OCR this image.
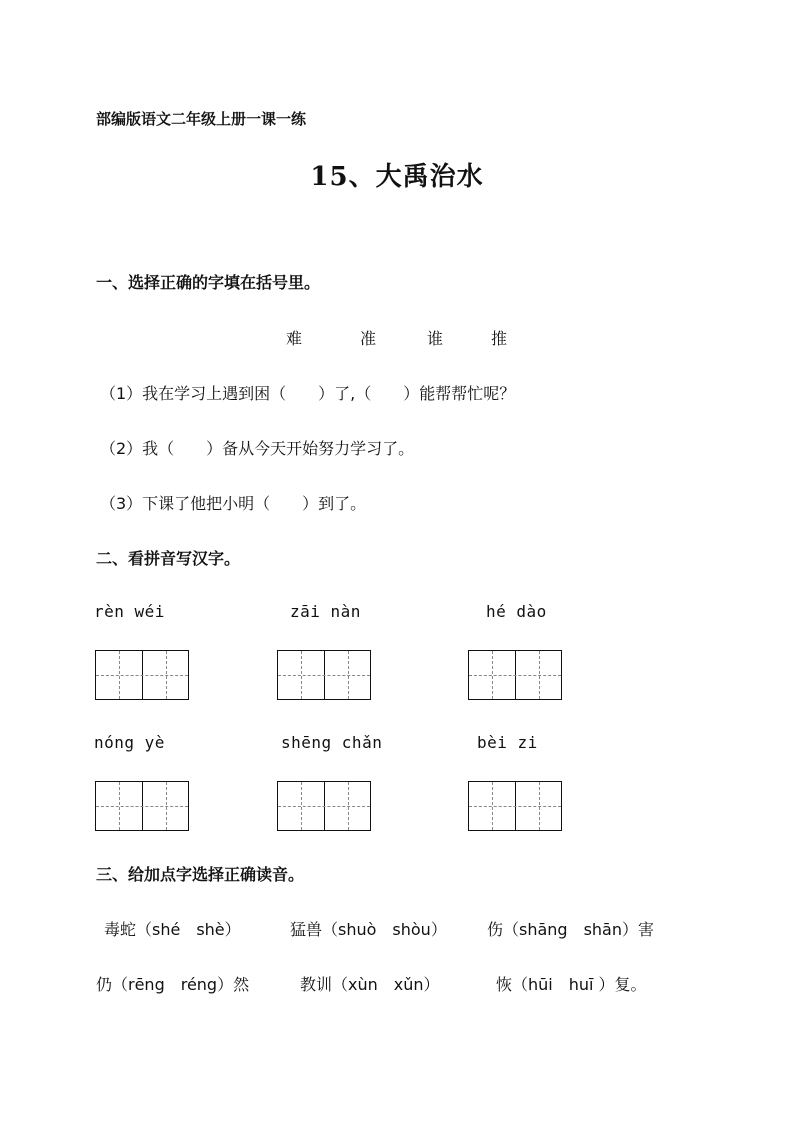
部编版语文二年级上册一课一练
15、大禹治水
一、选择正确的字填在括号里。
难	准	谁	推
（1）我在学习上遇到困（　　）了,（　　）能帮帮忙呢？
（2）我（　　）备从今天开始努力学习了。
（3）下课了他把小明（　　）到了。
二、看拼音写汉字。
rèn wéi	zāi nàn	hé dào
nóng yè	shēng chǎn	bèi zi
三、给加点字选择正确读音。
毒蛇（shé　shè）	猛兽（shuò　shòu）	伤（shāng　shān）害
仍（rēng　réng）然	教训（xùn　xǔn）	恢（hūi　huī ）复。
